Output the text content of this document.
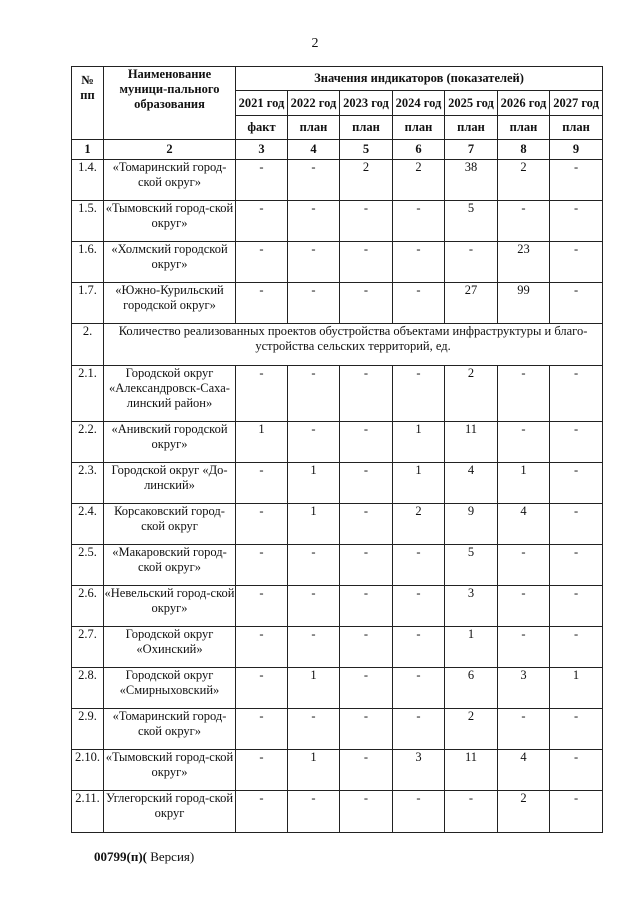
2
№ пп	Наименование муници-пального образования	Значения индикаторов (показателей)						
		2021 год	2022 год	2023 год	2024 год	2025 год	2026 год	2027 год
		факт	план	план	план	план	план	план
1	2	3	4	5	6	7	8	9
1.4.	«Томаринский город-ской округ»	-	-	2	2	38	2	-
1.5.	«Тымовский город-ской округ»	-	-	-	-	5	-	-
1.6.	«Холмский городской округ»	-	-	-	-	-	23	-
1.7.	«Южно-Курильский городской округ»	-	-	-	-	27	99	-
2.	Количество реализованных проектов обустройства объектами инфраструктуры и благо-устройства сельских территорий, ед.							
2.1.	Городской округ «Александровск-Саха-линский район»	-	-	-	-	2	-	-
2.2.	«Анивский городской округ»	1	-	-	1	11	-	-
2.3.	Городской округ «До-линский»	-	1	-	1	4	1	-
2.4.	Корсаковский город-ской округ	-	1	-	2	9	4	-
2.5.	«Макаровский город-ской округ»	-	-	-	-	5	-	-
2.6.	«Невельский город-ской округ»	-	-	-	-	3	-	-
2.7.	Городской округ «Охинский»	-	-	-	-	1	-	-
2.8.	Городской округ «Смирныховский»	-	1	-	-	6	3	1
2.9.	«Томаринский город-ской округ»	-	-	-	-	2	-	-
2.10.	«Тымовский город-ской округ»	-	1	-	3	11	4	-
2.11.	Углегорский город-ской округ	-	-	-	-	-	2	-
00799(п)( Версия)
